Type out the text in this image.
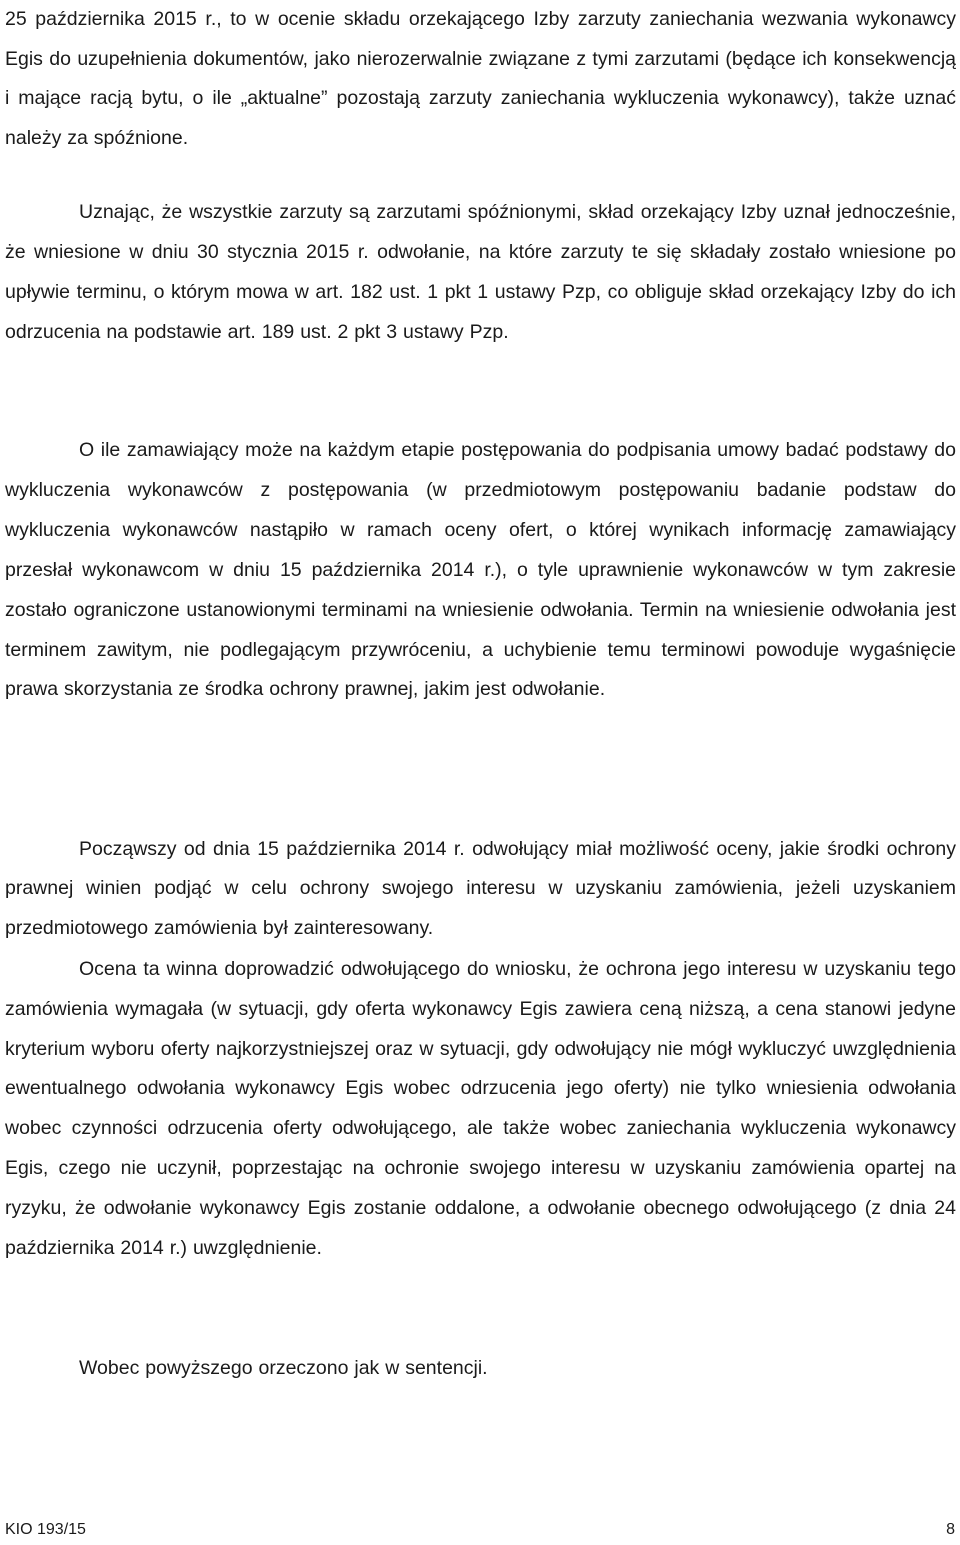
25 października 2015 r., to w ocenie składu orzekającego Izby zarzuty zaniechania wezwania wykonawcy Egis do uzupełnienia dokumentów, jako nierozerwalnie związane z tymi zarzutami (będące ich konsekwencją i mające racją bytu, o ile „aktualne” pozostają zarzuty zaniechania wykluczenia wykonawcy), także uznać należy za spóźnione.

Uznając, że wszystkie zarzuty są zarzutami spóźnionymi, skład orzekający Izby uznał jednocześnie, że wniesione w dniu 30 stycznia 2015 r. odwołanie, na które zarzuty te się składały zostało wniesione po upływie terminu, o którym mowa w art. 182 ust. 1 pkt 1 ustawy Pzp, co obliguje skład orzekający Izby do ich odrzucenia na podstawie art. 189 ust. 2 pkt 3 ustawy Pzp.

O ile zamawiający może na każdym etapie postępowania do podpisania umowy badać podstawy do wykluczenia wykonawców z postępowania (w przedmiotowym postępowaniu badanie podstaw do wykluczenia wykonawców nastąpiło w ramach oceny ofert, o której wynikach informację zamawiający przesłał wykonawcom w dniu 15 października 2014 r.), o tyle uprawnienie wykonawców w tym zakresie zostało ograniczone ustanowionymi terminami na wniesienie odwołania. Termin na wniesienie odwołania jest terminem zawitym, nie podlegającym przywróceniu, a uchybienie temu terminowi powoduje wygaśnięcie prawa skorzystania ze środka ochrony prawnej, jakim jest odwołanie.

Począwszy od dnia 15 października 2014 r. odwołujący miał możliwość oceny, jakie środki ochrony prawnej winien podjąć w celu ochrony swojego interesu w uzyskaniu zamówienia, jeżeli uzyskaniem przedmiotowego zamówienia był zainteresowany.

Ocena ta winna doprowadzić odwołującego do wniosku, że ochrona jego interesu w uzyskaniu tego zamówienia wymagała (w sytuacji, gdy oferta wykonawcy Egis zawiera ceną niższą, a cena stanowi jedyne kryterium wyboru oferty najkorzystniejszej oraz w sytuacji, gdy odwołujący nie mógł wykluczyć uwzględnienia ewentualnego odwołania wykonawcy Egis wobec odrzucenia jego oferty) nie tylko wniesienia odwołania wobec czynności odrzucenia oferty odwołującego, ale także wobec zaniechania wykluczenia wykonawcy Egis, czego nie uczynił, poprzestając na ochronie swojego interesu w uzyskaniu zamówienia opartej na ryzyku, że odwołanie wykonawcy Egis zostanie oddalone, a odwołanie obecnego odwołującego (z dnia 24 października 2014 r.) uwzględnienie.

Wobec powyższego orzeczono jak w sentencji.

KIO 193/15	8
